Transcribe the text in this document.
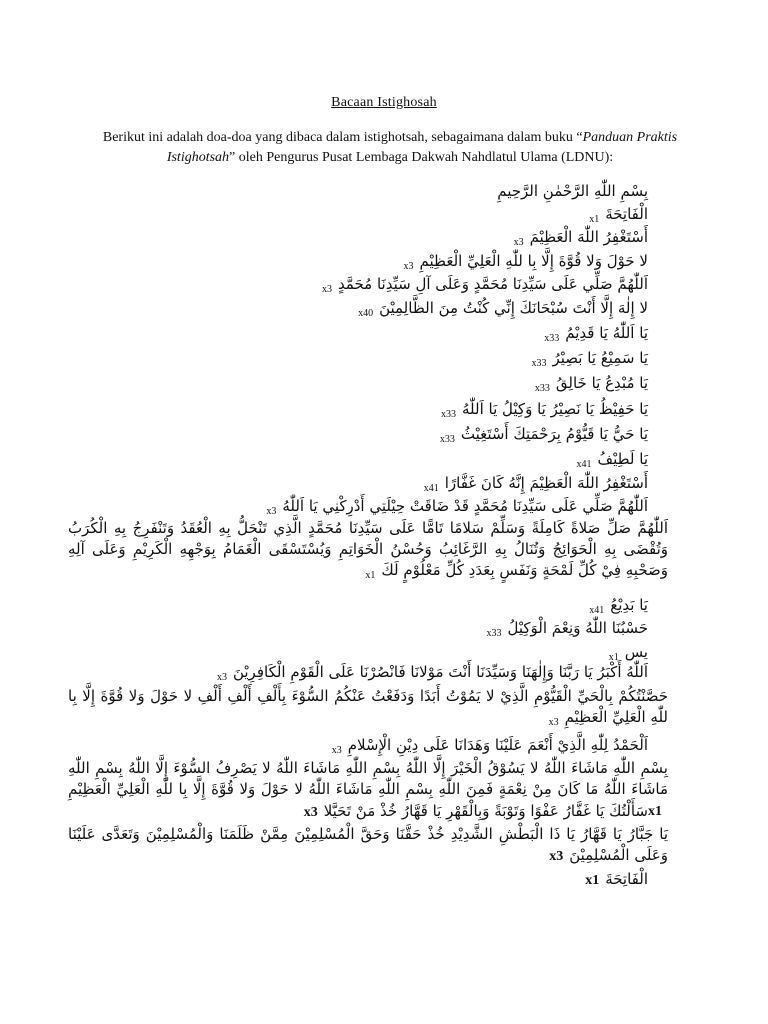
Bacaan Istighosah
Berikut ini adalah doa-doa yang dibaca dalam istighotsah, sebagaimana dalam buku “Panduan Praktis Istighotsah” oleh Pengurus Pusat Lembaga Dakwah Nahdlatul Ulama (LDNU):
بِسْمِ اللّٰهِ الرَّحْمٰنِ الرَّحِيمِ
الْفَاتِحَةَx1
أَسْتَغْفِرُ اللّٰهَ الْعَظِيْمَx3
لا حَوْلَ وَلا قُوَّةَ إِلَّا بِا للّٰهِ الْعَلِيِّ الْعَظِيْمِx3
اَللّٰهُمَّ صَلِّي عَلَى سَيِّدِنَا مُحَمَّدٍ وَعَلَى آلِ سَيِّدِنَا مُحَمَّدٍx3
لا إِلٰهَ إِلَّا أَنْتَ سُبْحَانَكَ إِنِّي كُنْتُ مِنَ الظَّالِمِيْنَx40
يَا اَللّٰهُ يَا قَدِيْمُx33
يَا سَمِيْعُ يَا بَصِيْرُx33
يَا مُبْدِعُ يَا خَالِقُx33
يَا حَفِيْظُ يَا نَصِيْرُ يَا وَكِيْلُ يَا اَللّٰهُx33
يَا حَيُّ يَا قَيُّوْمُ بِرَحْمَتِكَ أَسْتَغِيْثُx33
يَا لَطِيْفُx41
أَسْتَغْفِرُ اللّٰهَ الْعَظِيْمَ إِنَّهُ كَانَ غَفَّارًاx41
اَللّٰهُمَّ صَلِّي عَلَى سَيِّدِنَا مُحَمَّدٍ قَدْ ضَاقَتْ حِيْلَتِي أَدْرِكْنِي يَا اَللّٰهُx3
اَللّٰهُمَّ صَلِّ صَلاةً كَامِلَةً وَسَلِّمْ سَلامًا تَامًّا عَلَى سَيِّدِنَا مُحَمَّدٍ الَّذِي تَنْحَلُّ بِهِ الْعُقَدُ وَتَنْفَرِجُ بِهِ الْكُرَبُ وَتُقْضَى بِهِ الْحَوَائِجُ وَتُنَالُ بِهِ الرَّغَائِبُ وَحُسْنُ الْخَوَاتِمِ وَيُسْتَسْقَى الْغَمَامُ بِوَجْهِهِ الْكَرِيْمِ وَعَلَى آلِهِ وَصَحْبِهِ فِيْ كُلِّ لَمْحَةٍ وَنَفَسٍ بِعَدَدِ كُلِّ مَعْلُوْمٍ لَكَx1
يَا بَدِيْعُx41
حَسْبُنَا اللّٰهُ وَنِعْمَ الْوَكِيْلُx33
يسx1
اَللّٰهُ أَكْبَرُ يَا رَبَّنَا وَإِلٰهَنَا وَسَيِّدَنَا أَنْتَ مَوْلانَا فَانْصُرْنَا عَلَى الْقَوْمِ الْكَافِرِيْنَx3
حَصَّنْتُكُمْ بِالْحَيِّ الْقَيُّوْمِ الَّذِيْ لا يَمُوْتُ أَبَدًا وَدَفَعْتُ عَنْكُمُ السُّوْءَ بِأَلْفِ أَلْفِ أَلْفِ لا حَوْلَ وَلا قُوَّةَ إِلَّا بِا للّٰهِ الْعَلِيِّ الْعَظِيْمِx3
اَلْحَمْدُ لِلّٰهِ الَّذِيْ أَنْعَمَ عَلَيْنَا وَهَدَانَا عَلَى دِيْنِ الْإِسْلامِx3
بِسْمِ اللّٰهِ مَاشَاءَ اللّٰهُ لا يَسُوْقُ الْخَيْرَ إِلَّا اللّٰهُ بِسْمِ اللّٰهِ مَاشَاءَ اللّٰهُ لا يَصْرِفُ السُّوْءَ إِلَّا اللّٰهُ بِسْمِ اللّٰهِ مَاشَاءَ اللّٰهُ مَا كَانَ مِنْ نِعْمَةٍ فَمِنَ اللّٰهِ بِسْمِ اللّٰهِ مَاشَاءَ اللّٰهُ لا حَوْلَ وَلا قُوَّةَ إِلَّا بِا للّٰهِ الْعَلِيِّ الْعَظِيْمِx1
سَأَلْتُكَ يَا غَفَّارُ عَفْوًا وَتَوْبَةً وَبِالْقَهْرِ يَا قَهَّارُ خُذْ مَنْ تَحَيَّلاx3
يَا جَبَّارُ يَا قَهَّارُ يَا ذَا الْبَطْشِ الشَّدِيْدِ خُذْ حَقَّنَا وَحَقَّ الْمُسْلِمِيْنَ مِمَّنْ ظَلَمَنَا وَالْمُسْلِمِيْنَ وَتَعَدَّى عَلَيْنَا وَعَلَى الْمُسْلِمِيْنَx3
الْفَاتِحَةَx1
